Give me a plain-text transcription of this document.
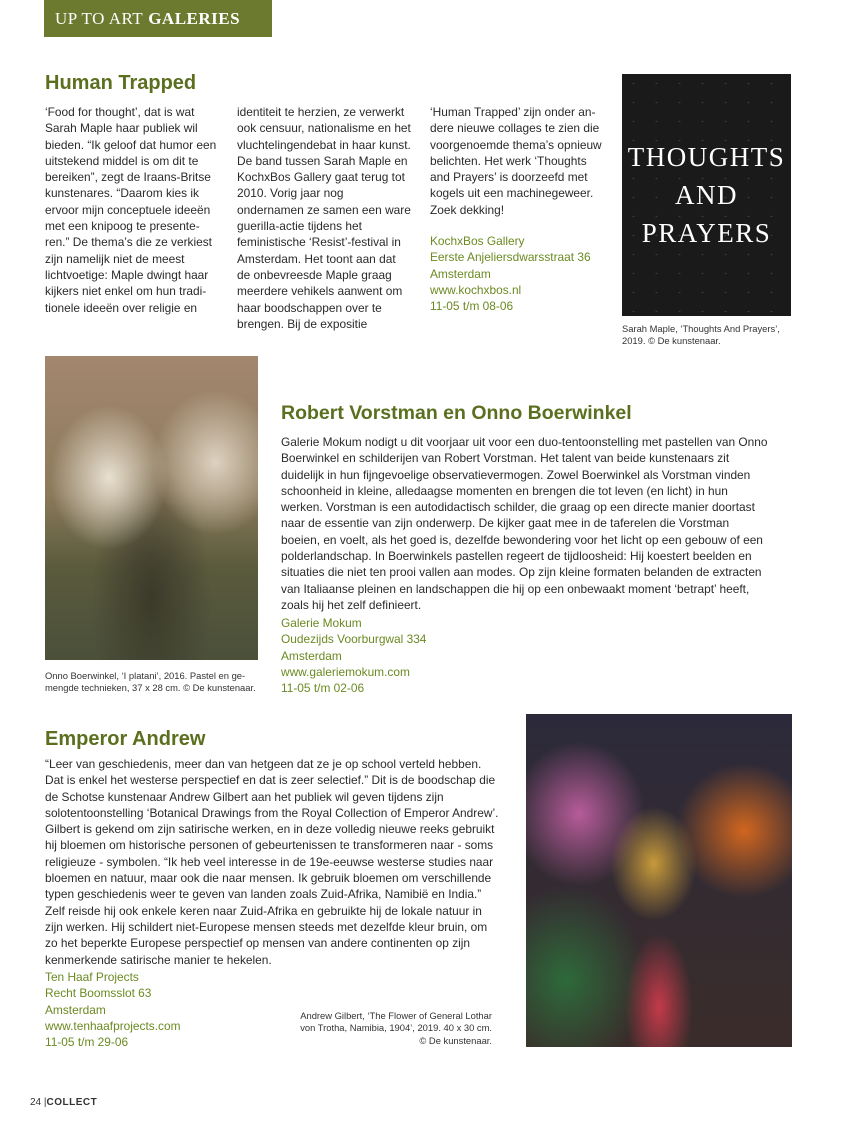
UP TO ART GALERIES
Human Trapped

‘Food for thought’, dat is wat Sarah Maple haar publiek wil bieden. “Ik geloof dat humor een uitstekend middel is om dit te bereiken”, zegt de Iraans-Britse kunstenares. “Daarom kies ik ervoor mijn conceptuele ideeën met een knipoog te presente-ren.” De thema’s die ze verkiest zijn namelijk niet de meest lichtvoetige: Maple dwingt haar kijkers niet enkel om hun tradi-tionele ideeën over religie en

identiteit te herzien, ze verwerkt ook censuur, nationalisme en het vluchtelingendebat in haar kunst. De band tussen Sarah Maple en KochxBos Gallery gaat terug tot 2010. Vorig jaar nog ondernamen ze samen een ware guerilla-actie tijdens het feministische ‘Resist’-festival in Amsterdam. Het toont aan dat de onbevreesde Maple graag meerdere vehikels aanwent om haar boodschappen over te brengen. Bij de expositie

‘Human Trapped’ zijn onder an-dere nieuwe collages te zien die voorgenoemde thema’s opnieuw belichten. Het werk ‘Thoughts and Prayers’ is doorzeefd met kogels uit een machinegeweer. Zoek dekking!

KochxBos Gallery
Eerste Anjeliersdwarsstraat 36
Amsterdam
www.kochxbos.nl
11-05 t/m 08-06
THOUGHTS
AND
PRAYERS
Sarah Maple, ‘Thoughts And Prayers’,
2019. © De kunstenaar.
Onno Boerwinkel, ‘I platani’, 2016. Pastel en ge-
mengde technieken, 37 x 28 cm. © De kunstenaar.
Robert Vorstman en Onno Boerwinkel

Galerie Mokum nodigt u dit voorjaar uit voor een duo-tentoonstelling met pastellen van Onno Boerwinkel en schilderijen van Robert Vorstman. Het talent van beide kunstenaars zit duidelijk in hun fijngevoelige observatievermogen. Zowel Boerwinkel als Vorstman vinden schoonheid in kleine, alledaagse momenten en brengen die tot leven (en licht) in hun werken. Vorstman is een autodidactisch schilder, die graag op een directe manier doortast naar de essentie van zijn onderwerp. De kijker gaat mee in de taferelen die Vorstman boeien, en voelt, als het goed is, dezelfde bewondering voor het licht op een gebouw of een polderlandschap. In Boerwinkels pastellen regeert de tijdloosheid: Hij koestert beelden en situaties die niet ten prooi vallen aan modes. Op zijn kleine formaten belanden de extracten van Italiaanse pleinen en landschappen die hij op een onbewaakt moment ‘betrapt’ heeft, zoals hij het zelf definieert.

Galerie Mokum
Oudezijds Voorburgwal 334
Amsterdam
www.galeriemokum.com
11-05 t/m 02-06
Emperor Andrew

“Leer van geschiedenis, meer dan van hetgeen dat ze je op school verteld hebben. Dat is enkel het westerse perspectief en dat is zeer selectief.” Dit is de boodschap die de Schotse kunstenaar Andrew Gilbert aan het publiek wil geven tijdens zijn solotentoonstelling ‘Botanical Drawings from the Royal Collection of Emperor Andrew’. Gilbert is gekend om zijn satirische werken, en in deze volledig nieuwe reeks gebruikt hij bloemen om historische personen of gebeurtenissen te transformeren naar - soms religieuze - symbolen. “Ik heb veel interesse in de 19e-eeuwse westerse studies naar bloemen en natuur, maar ook die naar mensen. Ik gebruik bloemen om verschillende typen geschiedenis weer te geven van landen zoals Zuid-Afrika, Namibië en India.” Zelf reisde hij ook enkele keren naar Zuid-Afrika en gebruikte hij de lokale natuur in zijn werken. Hij schildert niet-Europese mensen steeds met dezelfde kleur bruin, om zo het beperkte Europese perspectief op mensen van andere continenten op zijn kenmerkende satirische manier te hekelen.

Ten Haaf Projects
Recht Boomsslot 63
Amsterdam
www.tenhaafprojects.com
11-05 t/m 29-06
Andrew Gilbert, ‘The Flower of General Lothar
von Trotha, Namibia, 1904’, 2019. 40 x 30 cm.
© De kunstenaar.
24 |COLLECT
